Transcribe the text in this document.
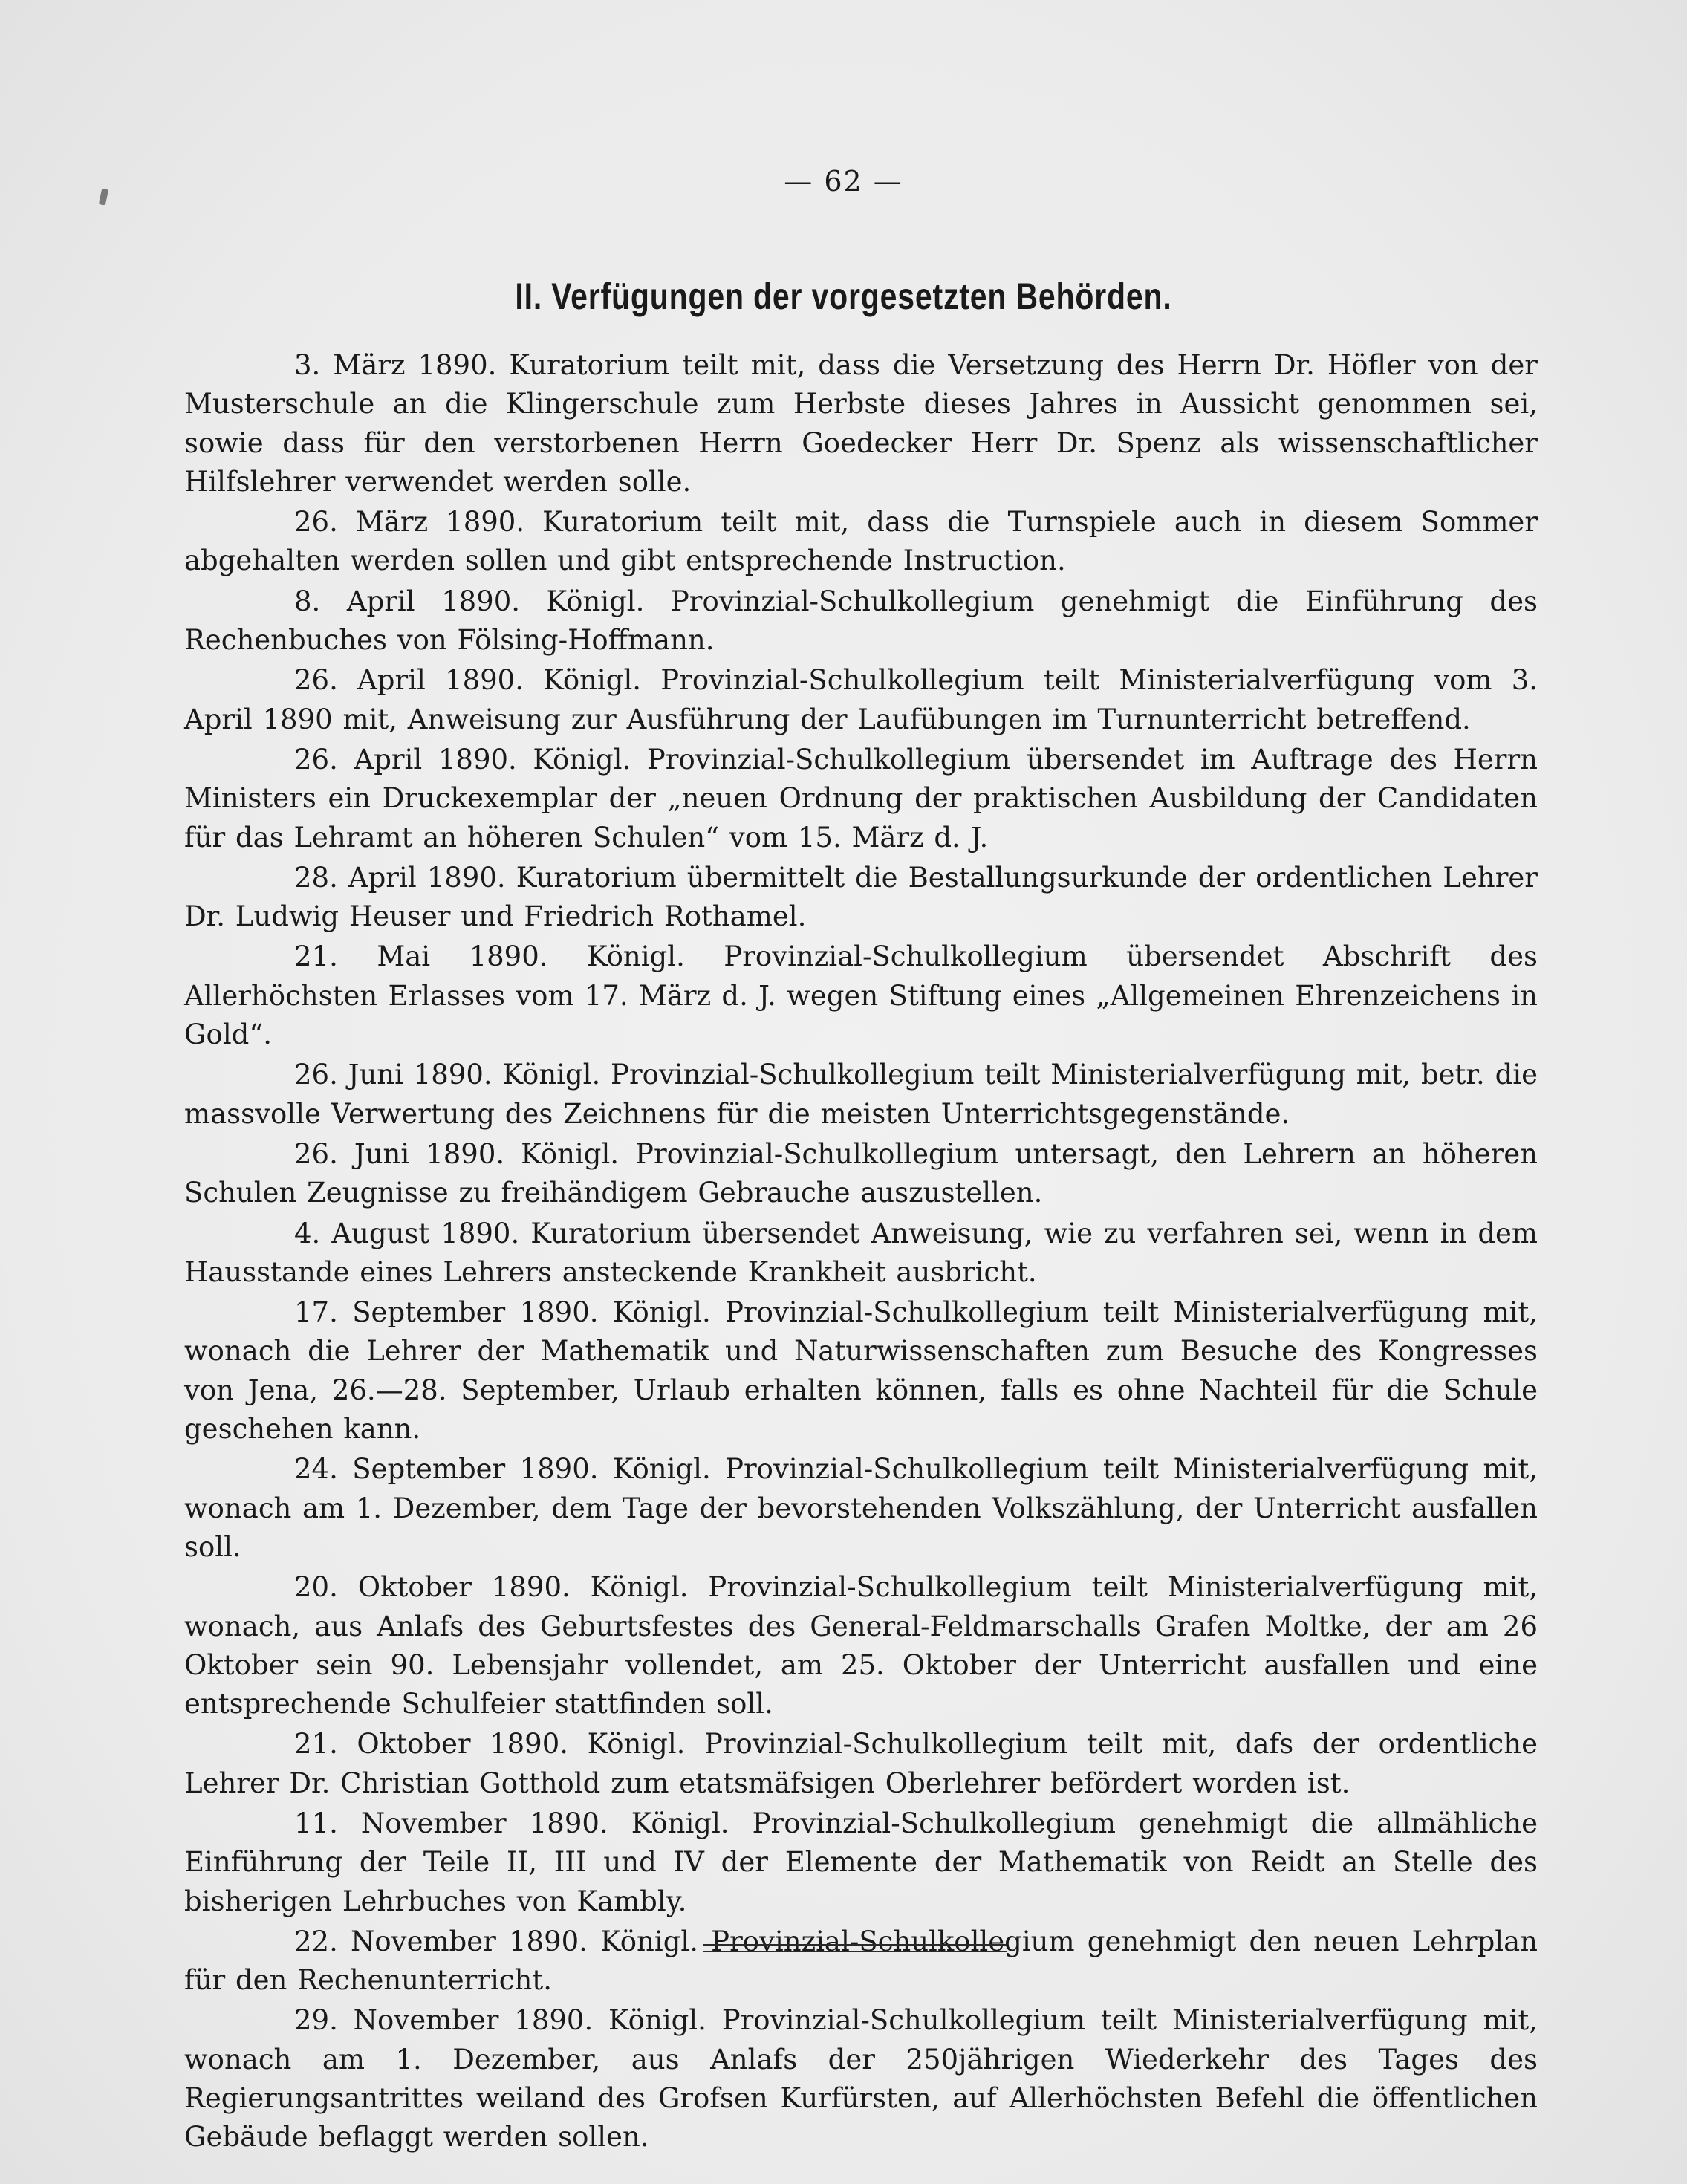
— 62 —
II. Verfügungen der vorgesetzten Behörden.

3. März 1890. Kuratorium teilt mit, dass die Versetzung des Herrn Dr. Höfler von der Musterschule an die Klingerschule zum Herbste dieses Jahres in Aussicht genommen sei, sowie dass für den verstorbenen Herrn Goedecker Herr Dr. Spenz als wissenschaftlicher Hilfslehrer verwendet werden solle.

26. März 1890. Kuratorium teilt mit, dass die Turnspiele auch in diesem Sommer abgehalten werden sollen und gibt entsprechende Instruction.

8. April 1890. Königl. Provinzial-Schulkollegium genehmigt die Einführung des Rechenbuches von Fölsing-Hoffmann.

26. April 1890. Königl. Provinzial-Schulkollegium teilt Ministerialverfügung vom 3. April 1890 mit, Anweisung zur Ausführung der Laufübungen im Turnunterricht betreffend.

26. April 1890. Königl. Provinzial-Schulkollegium übersendet im Auftrage des Herrn Ministers ein Druckexemplar der „neuen Ordnung der praktischen Ausbildung der Candidaten für das Lehramt an höheren Schulen“ vom 15. März d. J.

28. April 1890. Kuratorium übermittelt die Bestallungsurkunde der ordentlichen Lehrer Dr. Ludwig Heuser und Friedrich Rothamel.

21. Mai 1890. Königl. Provinzial-Schulkollegium übersendet Abschrift des Allerhöchsten Erlasses vom 17. März d. J. wegen Stiftung eines „Allgemeinen Ehrenzeichens in Gold“.

26. Juni 1890. Königl. Provinzial-Schulkollegium teilt Ministerialverfügung mit, betr. die massvolle Verwertung des Zeichnens für die meisten Unterrichtsgegenstände.

26. Juni 1890. Königl. Provinzial-Schulkollegium untersagt, den Lehrern an höheren Schulen Zeugnisse zu freihändigem Gebrauche auszustellen.

4. August 1890. Kuratorium übersendet Anweisung, wie zu verfahren sei, wenn in dem Hausstande eines Lehrers ansteckende Krankheit ausbricht.

17. September 1890. Königl. Provinzial-Schulkollegium teilt Ministerialverfügung mit, wonach die Lehrer der Mathematik und Naturwissenschaften zum Besuche des Kongresses von Jena, 26.—28. September, Urlaub erhalten können, falls es ohne Nachteil für die Schule geschehen kann.

24. September 1890. Königl. Provinzial-Schulkollegium teilt Ministerialverfügung mit, wonach am 1. Dezember, dem Tage der bevorstehenden Volkszählung, der Unterricht ausfallen soll.

20. Oktober 1890. Königl. Provinzial-Schulkollegium teilt Ministerialverfügung mit, wonach, aus Anlafs des Geburtsfestes des General-Feldmarschalls Grafen Moltke, der am 26 Oktober sein 90. Lebensjahr vollendet, am 25. Oktober der Unterricht ausfallen und eine entsprechende Schulfeier stattfinden soll.

21. Oktober 1890. Königl. Provinzial-Schulkollegium teilt mit, dafs der ordentliche Lehrer Dr. Christian Gotthold zum etatsmäfsigen Oberlehrer befördert worden ist.

11. November 1890. Königl. Provinzial-Schulkollegium genehmigt die allmähliche Einführung der Teile II, III und IV der Elemente der Mathematik von Reidt an Stelle des bisherigen Lehrbuches von Kambly.

22. November 1890. Königl. Provinzial-Schulkollegium genehmigt den neuen Lehrplan für den Rechenunterricht.

29. November 1890. Königl. Provinzial-Schulkollegium teilt Ministerialverfügung mit, wonach am 1. Dezember, aus Anlafs der 250jährigen Wiederkehr des Tages des Regierungsantrittes weiland des Grofsen Kurfürsten, auf Allerhöchsten Befehl die öffentlichen Gebäude beflaggt werden sollen.
